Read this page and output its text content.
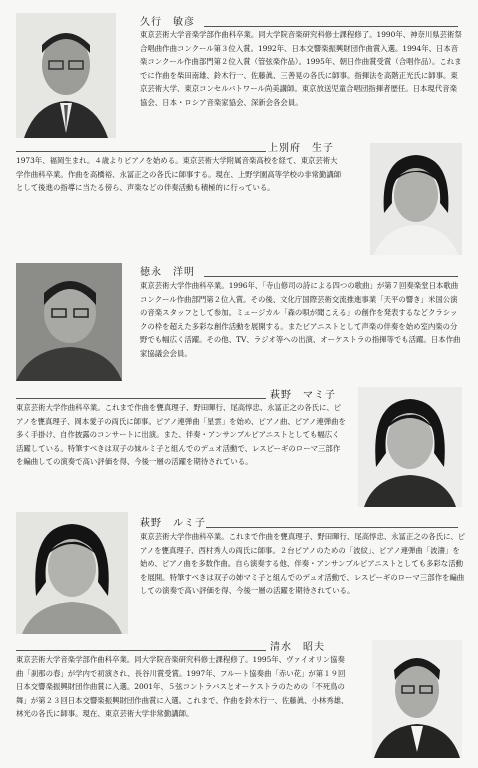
久行　敏彦
東京芸術大学音楽学部作曲科卒業。同大学院音楽研究科修士課程修了。1990年、神奈川県芸術祭合唱曲作曲コンクール第３位入賞。1992年、日本交響楽振興財団作曲賞入選。1994年、日本音楽コンクール作曲部門第２位入賞（管弦楽作品）。1995年、朝日作曲賞受賞（合唱作品）。これまでに作曲を柴田南雄、鈴木行一、佐藤眞、三善晃の各氏に師事。指揮法を高階正光氏に師事。東京芸術大学、東京コンセルバトワール尚美講師。東京放送児童合唱団指揮者歴任。日本現代音楽協会、日本・ロシア音楽家協会、深新会各会員。
上別府　生子
1973年、福岡生まれ。４歳よりピアノを始める。東京芸術大学附属音楽高校を経て、東京芸術大学作曲科卒業。作曲を高橋裕、永冨正之の各氏に師事する。現在、上野学園高等学校の非常勤講師として後進の指導に当たる傍ら、声楽などの伴奏活動も積極的に行っている。
徳永　洋明
東京芸術大学作曲科卒業。1996年、「寺山修司の詩による四つの歌曲」が第７回奏楽堂日本歌曲コンクール作曲部門第２位入賞。その後、文化庁国際芸術交流推進事業「天平の響き」米国公演の音楽スタッフとして参加。ミュージカル「森の唄が聞こえる」の創作を発表するなどクラシックの枠を超えた多彩な創作活動を展開する。またピアニストとして声楽の伴奏を始め室内楽の分野でも幅広く活躍。その他、TV、ラジオ等への出演、オーケストラの指揮等でも活躍。日本作曲家協議会会員。
萩野　マミ子
東京芸術大学作曲科卒業。これまで作曲を甕真理子、野田暉行、尾高惇忠、永冨正之の各氏に、ピアノを甕真理子、岡本愛子の両氏に師事。ピアノ連弾曲「星雲」を始め、ピアノ曲、ピアノ連弾曲を多く手掛け、自作披露のコンサートに出演。また、伴奏・アンサンブルピアニストとしても幅広く活躍している。特筆すべきは双子の妹ルミ子と組んでのデュオ活動で、レスピーギのローマ三部作を編曲しての演奏で高い評価を得、今後一層の活躍を期待されている。
萩野　ルミ子
東京芸術大学作曲科卒業。これまで作曲を甕真理子、野田暉行、尾高惇忠、永冨正之の各氏に、ピアノを甕真理子、西村秀人の両氏に師事。２台ピアノのための「波紋」、ピアノ連弾曲「波濤」を始め、ピアノ曲を多数作曲。自ら演奏する他、伴奏・アンサンブルピアニストとしても多彩な活動を展開。特筆すべきは双子の姉マミ子と組んでのデュオ活動で、レスピーギのローマ三部作を編曲しての演奏で高い評価を得、今後一層の活躍を期待されている。
清水　昭夫
東京芸術大学音楽学部作曲科卒業。同大学院音楽研究科修士課程修了。1995年、ヴァイオリン協奏曲「刹那の春」が学内で初演され、長谷川賞受賞。1997年、フルート協奏曲「赤い花」が第１９回日本交響楽振興財団作曲賞に入選。2001年、５弦コントラバスとオーケストラのための「不死鳥の舞」が第２３回日本交響楽振興財団作曲賞に入選。これまで、作曲を鈴木行一、佐藤眞、小林秀雄、林光の各氏に師事。現在、東京芸術大学非常勤講師。
